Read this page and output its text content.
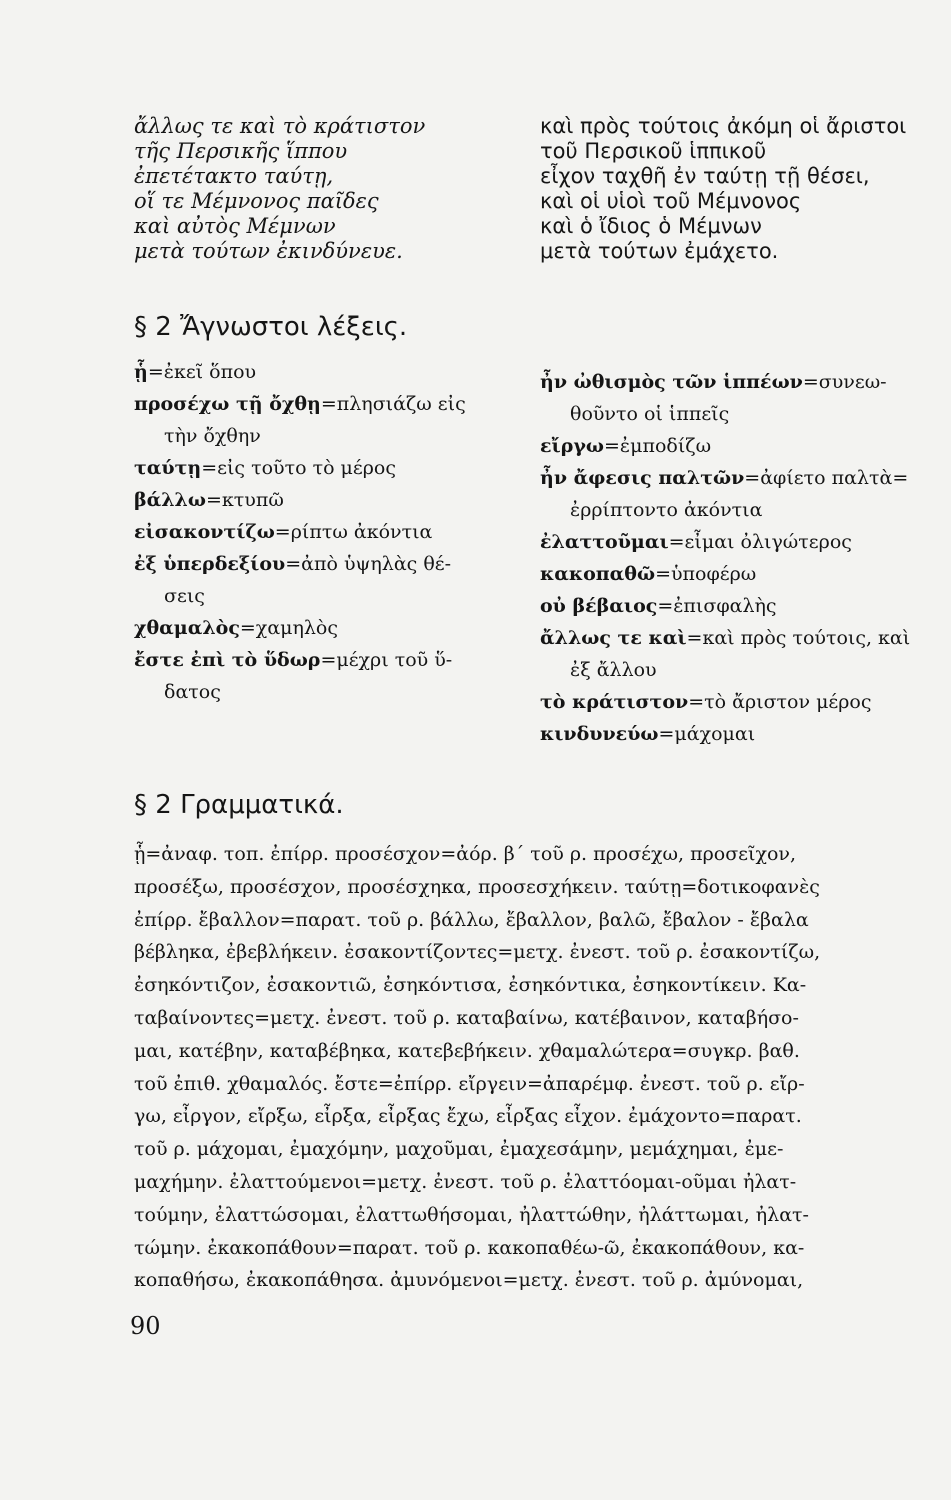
ἄλλως τε καὶ τὸ κράτιστον
τῆς Περσικῆς ἵππου
ἐπετέτακτο ταύτῃ,
οἵ τε Μέμνονος παῖδες
καὶ αὐτὸς Μέμνων
μετὰ τούτων ἐκινδύνευε.
καὶ πρὸς τούτοις ἀκόμη οἱ ἄριστοι
τοῦ Περσικοῦ ἱππικοῦ
εἶχον ταχθῆ ἐν ταύτῃ τῇ θέσει,
καὶ οἱ υἱοὶ τοῦ Μέμνονος
καὶ ὁ ἴδιος ὁ Μέμνων
μετὰ τούτων ἐμάχετο.
§ 2 Ἄγνωστοι λέξεις.
ᾗ=ἐκεῖ ὅπου
προσέχω τῇ ὄχθῃ=πλησιάζω εἰς
τὴν ὄχθην
ταύτῃ=εἰς τοῦτο τὸ μέρος
βάλλω=κτυπῶ
εἰσακοντίζω=ρίπτω ἀκόντια
ἐξ ὑπερδεξίου=ἀπὸ ὑψηλὰς θέ-
σεις
χθαμαλὸς=χαμηλὸς
ἔστε ἐπὶ τὸ ὕδωρ=μέχρι τοῦ ὕ-
δατος
ἦν ὠθισμὸς τῶν ἱππέων=συνεω-
θοῦντο οἱ ἱππεῖς
εἴργω=ἐμποδίζω
ἦν ἄφεσις παλτῶν=ἀφίετο παλτὰ=
ἐρρίπτοντο ἀκόντια
ἐλαττοῦμαι=εἶμαι ὀλιγώτερος
κακοπαθῶ=ὑποφέρω
οὐ βέβαιος=ἐπισφαλὴς
ἄλλως τε καὶ=καὶ πρὸς τούτοις, καὶ
ἐξ ἄλλου
τὸ κράτιστον=τὸ ἄριστον μέρος
κινδυνεύω=μάχομαι
§ 2 Γραμματικά.
ᾗ=ἀναφ. τοπ. ἐπίρρ. προσέσχον=ἀόρ. β΄ τοῦ ρ. προσέχω, προσεῖχον,
προσέξω, προσέσχον, προσέσχηκα, προσεσχήκειν. ταύτῃ=δοτικοφανὲς
ἐπίρρ. ἔβαλλον=παρατ. τοῦ ρ. βάλλω, ἔβαλλον, βαλῶ, ἔβαλον - ἔβαλα
βέβληκα, ἐβεβλήκειν. ἐσακοντίζοντες=μετχ. ἐνεστ. τοῦ ρ. ἐσακοντίζω,
ἐσηκόντιζον, ἐσακοντιῶ, ἐσηκόντισα, ἐσηκόντικα, ἐσηκοντίκειν. Κα-
ταβαίνοντες=μετχ. ἐνεστ. τοῦ ρ. καταβαίνω, κατέβαινον, καταβήσο-
μαι, κατέβην, καταβέβηκα, κατεβεβήκειν. χθαμαλώτερα=συγκρ. βαθ.
τοῦ ἐπιθ. χθαμαλός. ἔστε=ἐπίρρ. εἴργειν=ἀπαρέμφ. ἐνεστ. τοῦ ρ. εἴρ-
γω, εἶργον, εἴρξω, εἶρξα, εἶρξας ἔχω, εἶρξας εἶχον. ἐμάχοντο=παρατ.
τοῦ ρ. μάχομαι, ἐμαχόμην, μαχοῦμαι, ἐμαχεσάμην, μεμάχημαι, ἐμε-
μαχήμην. ἐλαττούμενοι=μετχ. ἐνεστ. τοῦ ρ. ἐλαττόομαι-οῦμαι ἠλατ-
τούμην, ἐλαττώσομαι, ἐλαττωθήσομαι, ἠλαττώθην, ἠλάττωμαι, ἠλατ-
τώμην. ἐκακοπάθουν=παρατ. τοῦ ρ. κακοπαθέω-ῶ, ἐκακοπάθουν, κα-
κοπαθήσω, ἐκακοπάθησα. ἀμυνόμενοι=μετχ. ἐνεστ. τοῦ ρ. ἀμύνομαι,
90
